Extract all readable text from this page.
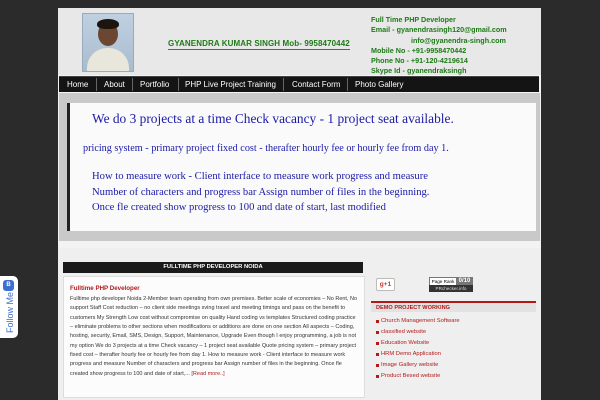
GYANENDRA KUMAR SINGH Mob- 9958470442
Full Time PHP Developer
Email - gyanendrasingh120@gmail.com
info@gyanendra-singh.com
Mobile No - +91-9958470442
Phone No - +91-120-4219614
Skype Id - gyanendraksingh
Home About Portfolio PHP Live Project Training Contact Form Photo Gallery
We do 3 projects at a time Check vacancy - 1 project seat available.
pricing system - primary project fixed cost - therafter hourly fee or hourly fee from day 1.
How to measure work - Client interface to measure work progress and measure
Number of characters and progress bar Assign number of files in the beginning.
Once fle created show progress to 100 and date of start, last modified
FULLTIME PHP DEVELOPER NOIDA
Fulltime PHP Developer
Fulltime php developer Noida 2-Member team operating from own premises. Better scale of economies – No Rent, No support Staff Cost reduction – no client side meetings sving travel and meeting timings and pass on the benefit to customers My Strength Low cost without compromise on quality Hand coding vs templates Structured coding practice – eliminate problems to other sections when modifications or additions are done on one section All aspects – Coding, hosting, security, Email, SMS, Design, Support, Maintenance, Upgrade Even though I enjoy programming, a job is not my option We do 3 projects at a time Check vacancy – 1 project seat available Quote pricing system – primary project fixed cost – therafter hourly fee or hourly fee from day 1. How to measure work - Client interface to measure work progress and measure Number of characters and progress bar Assign number of files in the beginning. Once fle created show progress to 100 and date of start,... [Read more..]
g+1	Page Rank 0/10
PRchecker.info
DEMO PROJECT WORKING
Church Management Software
classified website
Education Website
HRM Demo Application
Image Gallery website
Product Besed website
B
Follow Me
